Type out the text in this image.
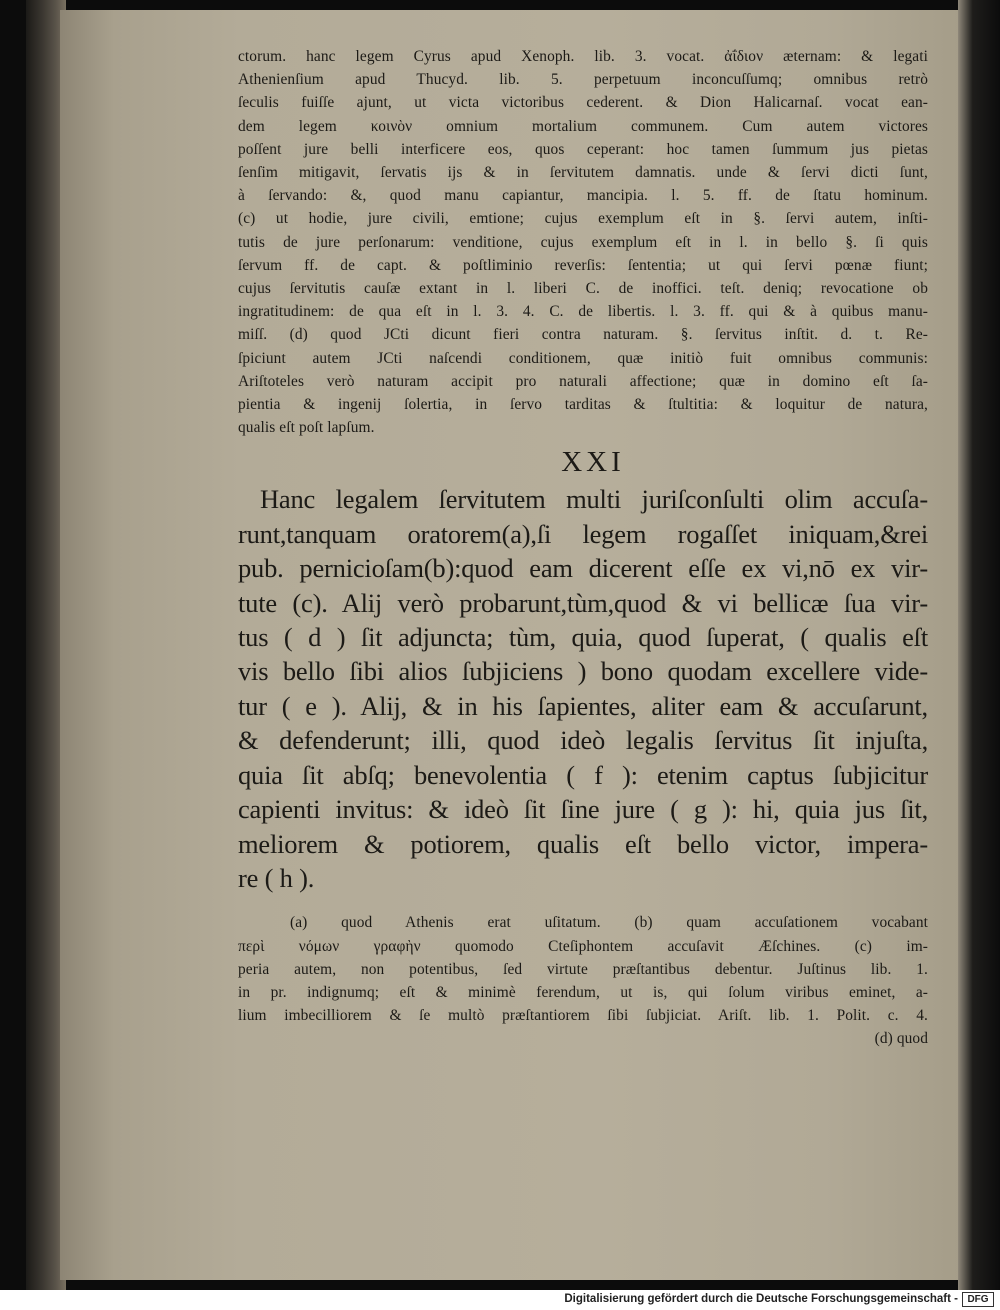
ctorum. hanc legem Cyrus apud Xenoph. lib. 3. vocat. ἀΐδιον æternam: & legati

Athenienſium apud Thucyd. lib. 5. perpetuum inconcuſſumq; omnibus retrò

ſeculis fuiſſe ajunt, ut victa victoribus cederent. & Dion Halicarnaſ. vocat ean-

dem legem κοινὸν omnium mortalium communem. Cum autem victores

poſſent jure belli interficere eos, quos ceperant: hoc tamen ſummum jus pietas

ſenſim mitigavit, ſervatis ijs & in ſervitutem damnatis. unde & ſervi dicti ſunt,

à ſervando: &, quod manu capiantur, mancipia. l. 5. ff. de ſtatu hominum.

(c) ut hodie, jure civili, emtione; cujus exemplum eſt in §. ſervi autem, inſti-

tutis de jure perſonarum: venditione, cujus exemplum eſt in l. in bello §. ſi quis

ſervum ff. de capt. & poſtliminio reverſis: ſententia; ut qui ſervi pœnæ fiunt;

cujus ſervitutis cauſæ extant in l. liberi C. de inoffici. teſt. deniq; revocatione ob

ingratitudinem: de qua eſt in l. 3. 4. C. de libertis. l. 3. ff. qui & à quibus manu-

miſſ. (d) quod JCti dicunt fieri contra naturam. §. ſervitus inſtit. d. t. Re-

ſpiciunt autem JCti naſcendi conditionem, quæ initiò fuit omnibus communis:

Ariſtoteles verò naturam accipit pro naturali affectione; quæ in domino eſt ſa-

pientia & ingenij ſolertia, in ſervo tarditas & ſtultitia: & loquitur de natura,

qualis eſt poſt lapſum.

XXI

Hanc legalem ſervitutem multi juriſconſulti olim accuſa-

runt,tanquam oratorem(a),ſi legem rogaſſet iniquam,&rei

pub. pernicioſam(b):quod eam dicerent eſſe ex vi,nō ex vir-

tute (c). Alij verò probarunt,tùm,quod & vi bellicæ ſua vir-

tus ( d ) ſit adjuncta; tùm, quia, quod ſuperat, ( qualis eſt

vis bello ſibi alios ſubjiciens ) bono quodam excellere vide-

tur ( e ). Alij, & in his ſapientes, aliter eam & accuſarunt,

& defenderunt; illi, quod ideò legalis ſervitus ſit injuſta,

quia ſit abſq; benevolentia ( f ): etenim captus ſubjicitur

capienti invitus: & ideò ſit ſine jure ( g ): hi, quia jus ſit,

meliorem & potiorem, qualis eſt bello victor, impera-

re ( h ).

(a) quod Athenis erat uſitatum. (b) quam accuſationem vocabant

περὶ νόμων γραφὴν quomodo Cteſiphontem accuſavit Æſchines. (c) im-

peria autem, non potentibus, ſed virtute præſtantibus debentur. Juſtinus lib. 1.

in pr. indignumq; eſt & minimè ferendum, ut is, qui ſolum viribus eminet, a-

lium imbecilliorem & ſe multò præſtantiorem ſibi ſubjiciat. Ariſt. lib. 1. Polit. c. 4.

(d) quod

Digitalisierung gefördert durch die Deutsche Forschungsgemeinschaft - DFG
